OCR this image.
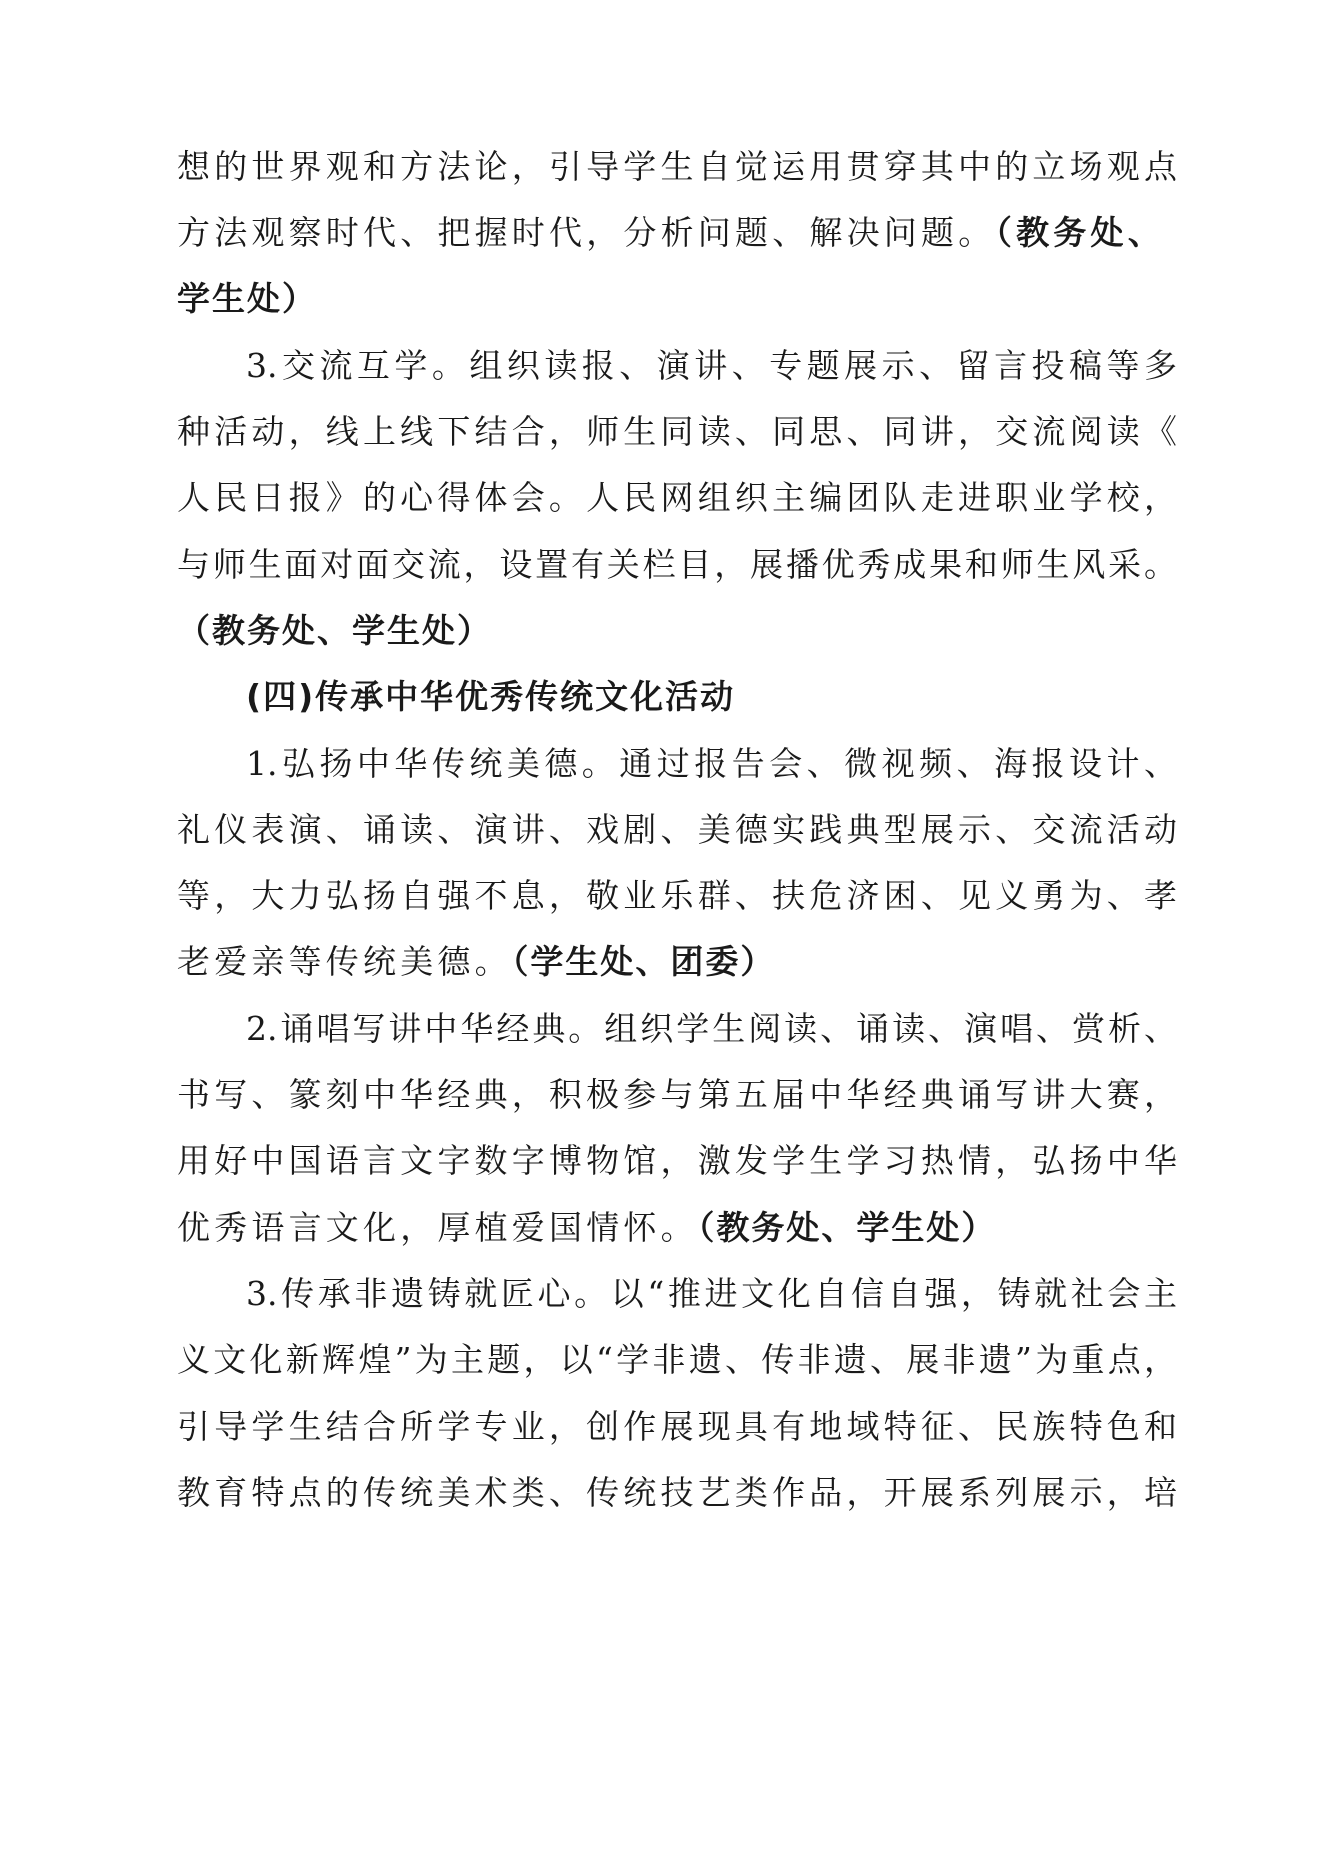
想的世界观和方法论，引导学生自觉运用贯穿其中的立场观点
方法观察时代、把握时代，分析问题、解决问题。（教务处、
学生处）
3.交流互学。组织读报、演讲、专题展示、留言投稿等多
种活动，线上线下结合，师生同读、同思、同讲，交流阅读《
人民日报》的心得体会。人民网组织主编团队走进职业学校，
与师生面对面交流，设置有关栏目，展播优秀成果和师生风采。
（教务处、学生处）
(四)传承中华优秀传统文化活动
1.弘扬中华传统美德。通过报告会、微视频、海报设计、
礼仪表演、诵读、演讲、戏剧、美德实践典型展示、交流活动
等，大力弘扬自强不息，敬业乐群、扶危济困、见义勇为、孝
老爱亲等传统美德。（学生处、团委）
2.诵唱写讲中华经典。组织学生阅读、诵读、演唱、赏析、
书写、篆刻中华经典，积极参与第五届中华经典诵写讲大赛，
用好中国语言文字数字博物馆，激发学生学习热情，弘扬中华
优秀语言文化，厚植爱国情怀。（教务处、学生处）
3.传承非遗铸就匠心。以“推进文化自信自强，铸就社会主
义文化新辉煌”为主题，以“学非遗、传非遗、展非遗”为重点，
引导学生结合所学专业，创作展现具有地域特征、民族特色和
教育特点的传统美术类、传统技艺类作品，开展系列展示，培
